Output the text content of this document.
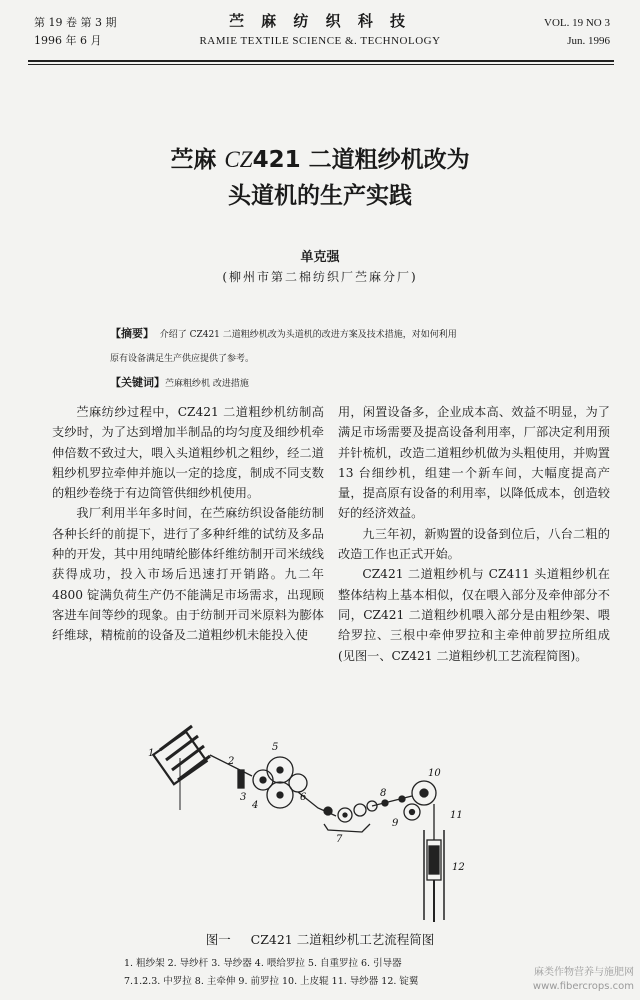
第 19 卷 第 3 期
1996 年 6 月
苎 麻 纺 织 科 技
RAMIE TEXTILE SCIENCE &. TECHNOLOGY
VOL. 19 NO 3
Jun. 1996
苎麻 CZ421 二道粗纱机改为
头道机的生产实践
单克强
(柳州市第二棉纺织厂苎麻分厂)
【摘要】 介绍了 CZ421 二道粗纱机改为头道机的改进方案及技术措施，对如何利用
原有设备满足生产供应提供了参考。
【关键词】苎麻粗纱机 改进措施

苎麻纺纱过程中，CZ421 二道粗纱机纺制高支纱时，为了达到增加半制品的均匀度及细纱机牵伸倍数不致过大，喂入头道粗纱机之粗纱，经二道粗纱机罗拉牵伸并施以一定的捻度，制成不同支数的粗纱卷绕于有边筒管供细纱机使用。

我厂利用半年多时间，在苎麻纺织设备能纺制各种长纤的前提下，进行了多种纤维的试纺及多品种的开发，其中用纯晴纶膨体纤维纺制开司米绒线获得成功，投入市场后迅速打开销路。九二年 4800 锭满负荷生产仍不能满足市场需求，出现顾客进车间等纱的现象。由于纺制开司米原料为膨体纤维球，精梳前的设备及二道粗纱机未能投入使

用，闲置设备多，企业成本高、效益不明显，为了满足市场需要及提高设备利用率，厂部决定利用预并针梳机，改造二道粗纱机做为头粗使用，并购置 13 台细纱机，组建一个新车间，大幅度提高产量，提高原有设备的利用率，以降低成本，创造较好的经济效益。

九三年初，新购置的设备到位后，八台二粗的改造工作也正式开始。

CZ421 二道粗纱机与 CZ411 头道粗纱机在整体结构上基本相似，仅在喂入部分及牵伸部分不同，CZ421 二道粗纱机喂入部分是由粗纱架、喂给罗拉、三根中牵伸罗拉和主牵伸前罗拉所组成(见图一、CZ421 二道粗纱机工艺流程简图)。

1
2
3
4
5
6
7
8
9
10
11
12
图一 CZ421 二道粗纱机工艺流程简图
1. 粗纱架 2. 导纱杆 3. 导纱器 4. 喂给罗拉 5. 自重罗拉 6. 引导器
7.1.2.3. 中罗拉 8. 主牵伸 9. 前罗拉 10. 上皮辊 11. 导纱器 12. 锭翼
麻类作物营养与施肥网
www.fibercrops.com
